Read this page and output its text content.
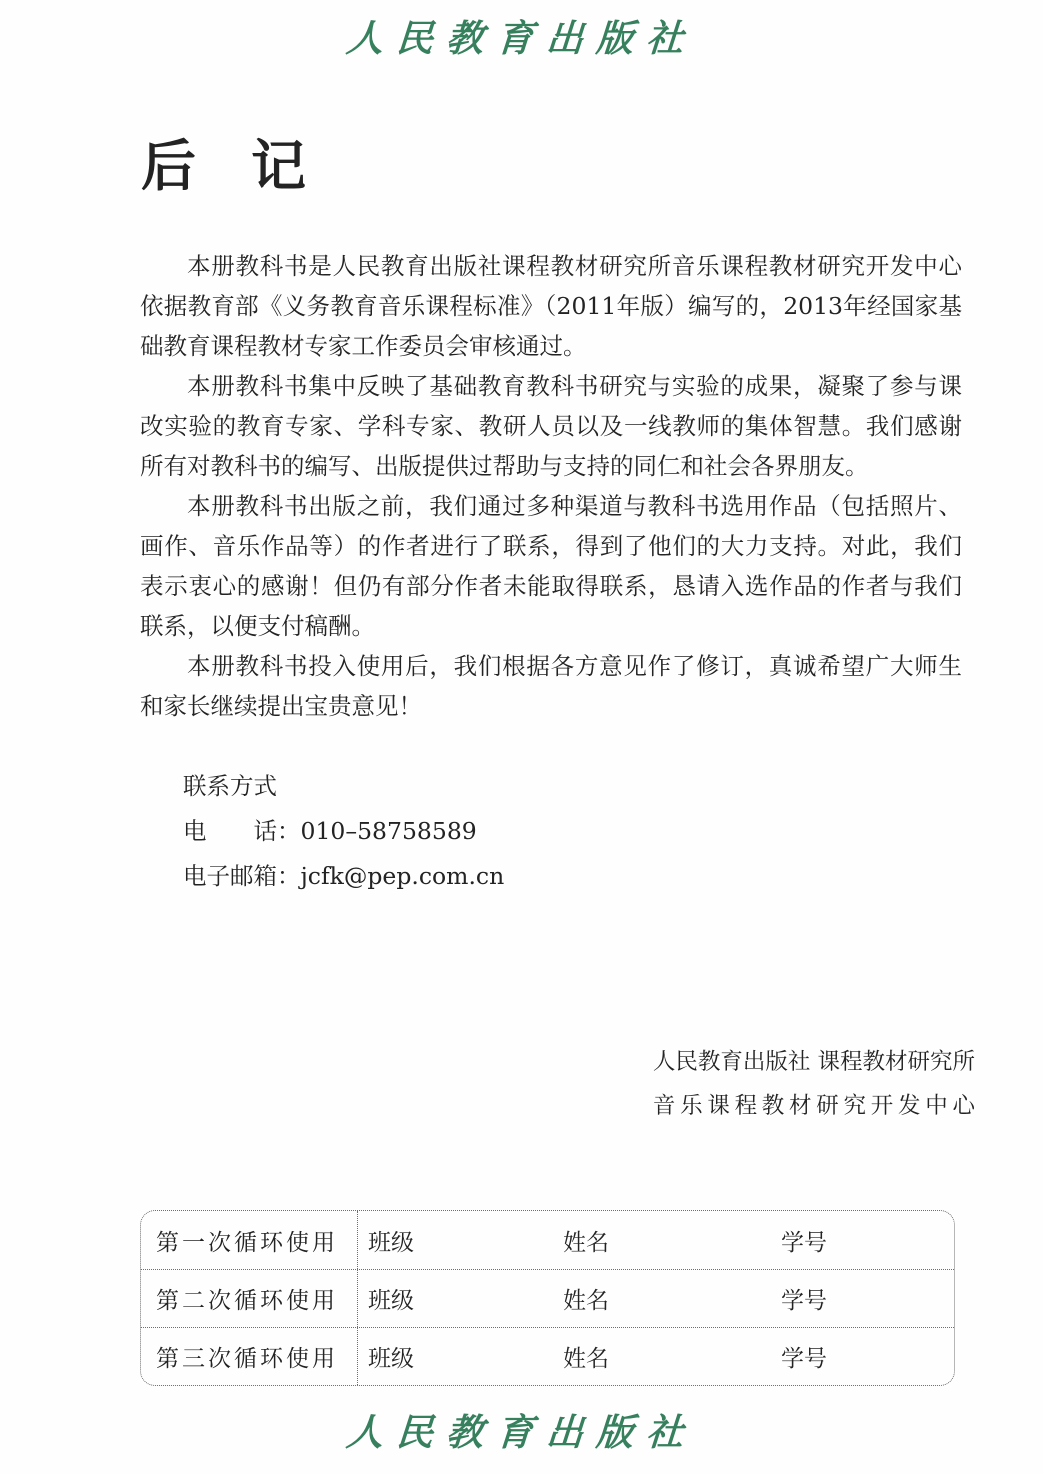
人民教育出版社
后　记

本册教科书是人民教育出版社课程教材研究所音乐课程教材研究开发中心依据教育部《义务教育音乐课程标准》（2011年版）编写的，2013年经国家基础教育课程教材专家工作委员会审核通过。

本册教科书集中反映了基础教育教科书研究与实验的成果，凝聚了参与课改实验的教育专家、学科专家、教研人员以及一线教师的集体智慧。我们感谢所有对教科书的编写、出版提供过帮助与支持的同仁和社会各界朋友。

本册教科书出版之前，我们通过多种渠道与教科书选用作品（包括照片、画作、音乐作品等）的作者进行了联系，得到了他们的大力支持。对此，我们表示衷心的感谢！但仍有部分作者未能取得联系，恳请入选作品的作者与我们联系，以便支付稿酬。

本册教科书投入使用后，我们根据各方意见作了修订，真诚希望广大师生和家长继续提出宝贵意见！

联系方式
电　　话：010–58758589
电子邮箱：jcfk@pep.com.cn
人民教育出版社 课程教材研究所
音乐课程教材研究开发中心
第一次循环使用	班级	姓名	学号
第二次循环使用	班级	姓名	学号
第三次循环使用	班级	姓名	学号
人民教育出版社
